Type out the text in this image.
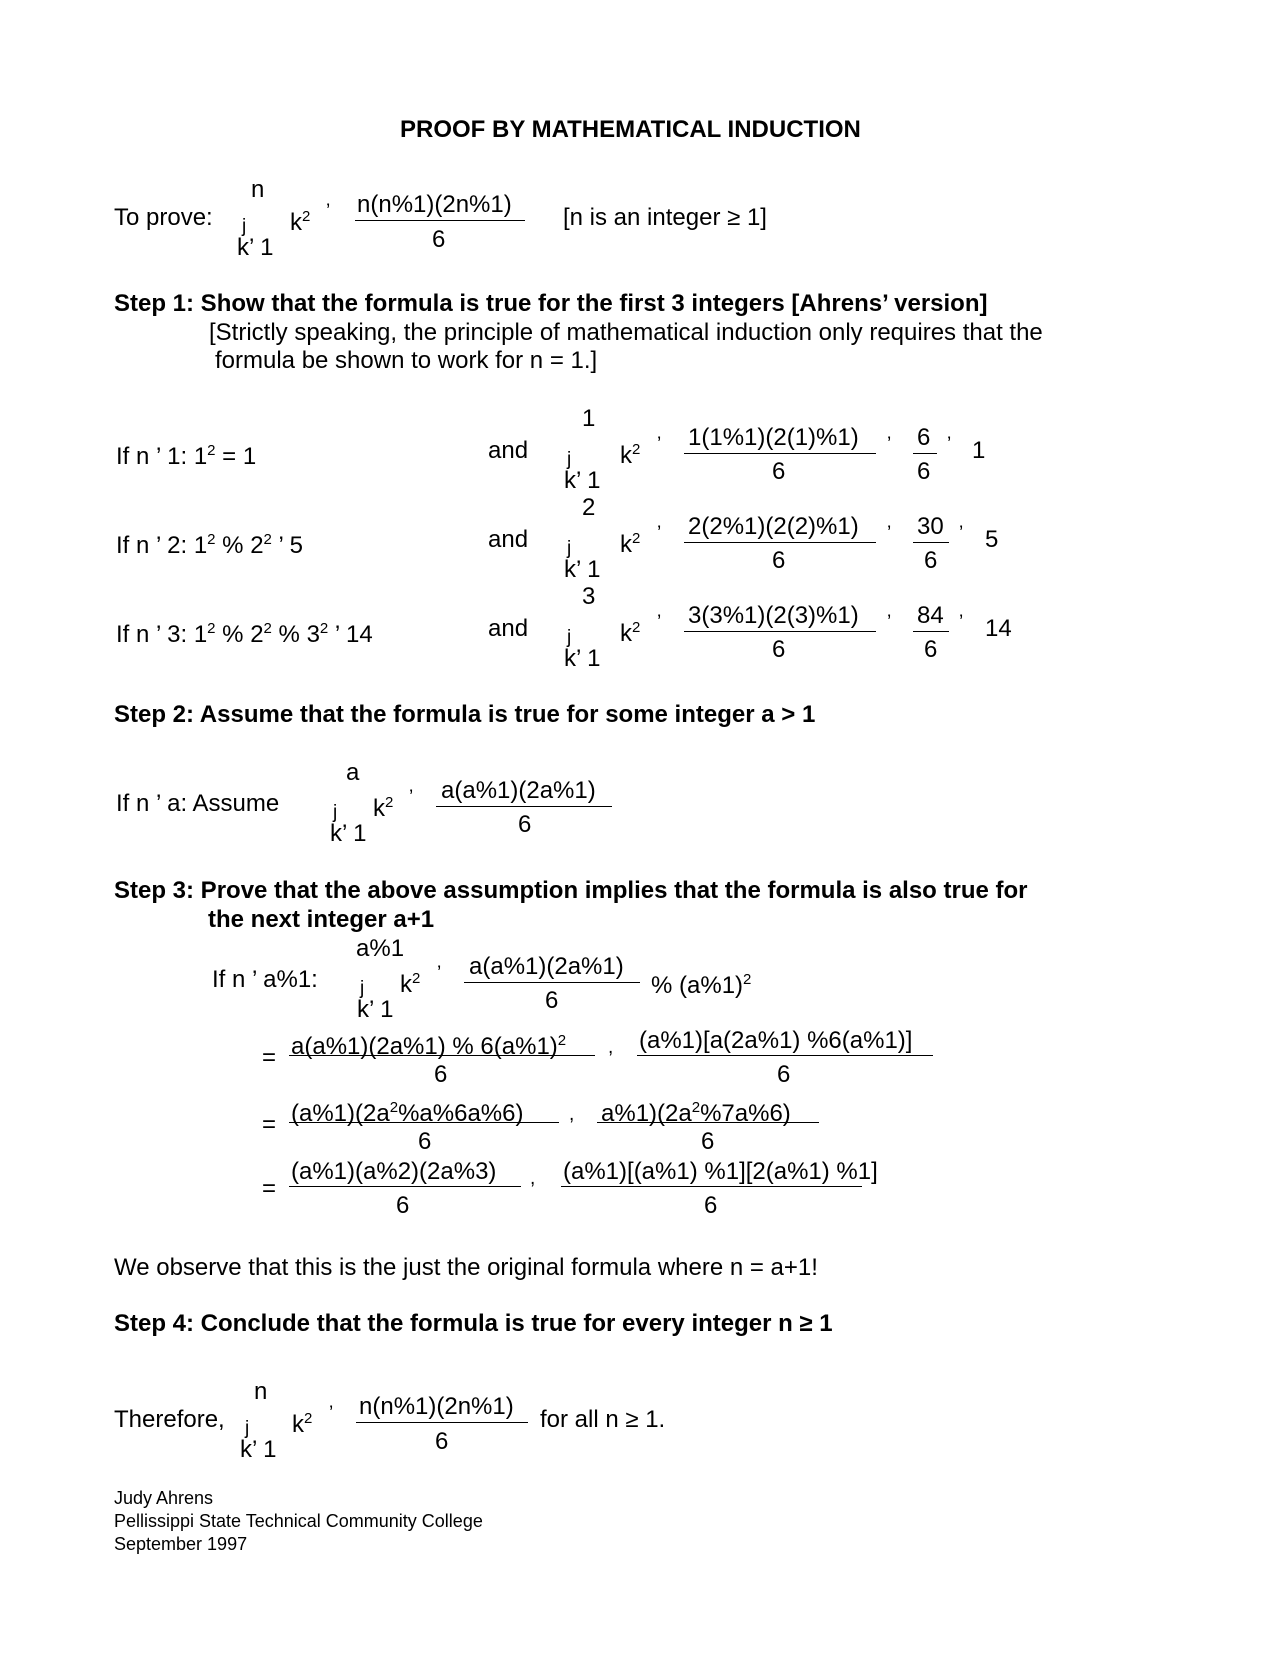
PROOF BY MATHEMATICAL INDUCTION
To prove:
n
j
k’ 1
$k^2$ ’ n(n%1)(2n%1)
6
[n is an integer ≥ 1]
Step 1: Show that the formula is true for the first 3 integers [Ahrens’ version]
[Strictly speaking, the principle of mathematical induction only requires that the
formula be shown to work for n = 1.]
If n ’ 1: $1^2 = 1$	and
1
j
k’ 1
$k^2$ ’ 1(1%1)(2(1)%1)
6
’ 6
6
’ 1
If n ’ 2: $1^2$ % $2^2$ ’ 5	and
2
j
k’ 1
$k^2$ ’ 2(2%1)(2(2)%1)
6
’ 30
6
’ 5
If n ’ 3: $1^2$ % $2^2$ % $3^2$ ’ 14	and
3
j
k’ 1
$k^2$ ’ 3(3%1)(2(3)%1)
6
’ 84
6
’ 14
Step 2: Assume that the formula is true for some integer a > 1
If n ’ a: Assume
a
j
k’ 1
$k^2$ ’ a(a%1)(2a%1)
6
Step 3: Prove that the above assumption implies that the formula is also true for
the next integer a+1
If n ’ a%1:
a%1
j
k’ 1
$k^2$ ’ a(a%1)(2a%1)
6
% $(a\%1)^2$
= a(a%1)(2a%1) % $6(a\%1)^2$
6
, (a%1)[a(2a%1) %6(a%1)]
6
= $(a\%1)(2a^2\%a\%6a\%6)$
6
, $a\%1)(2a^2\%7a\%6)$
6
=
(a%1)(a%2)(2a%3)
6
, (a%1)[(a%1) %1][2(a%1) %1]
6
We observe that this is the just the original formula where n = a+1!
Step 4: Conclude that the formula is true for every integer n ≥ 1
Therefore,
n
j
k’ 1
$k^2$ ’ n(n%1)(2n%1)
6
for all n ≥ 1.
Judy Ahrens
Pellissippi State Technical Community College
September 1997
